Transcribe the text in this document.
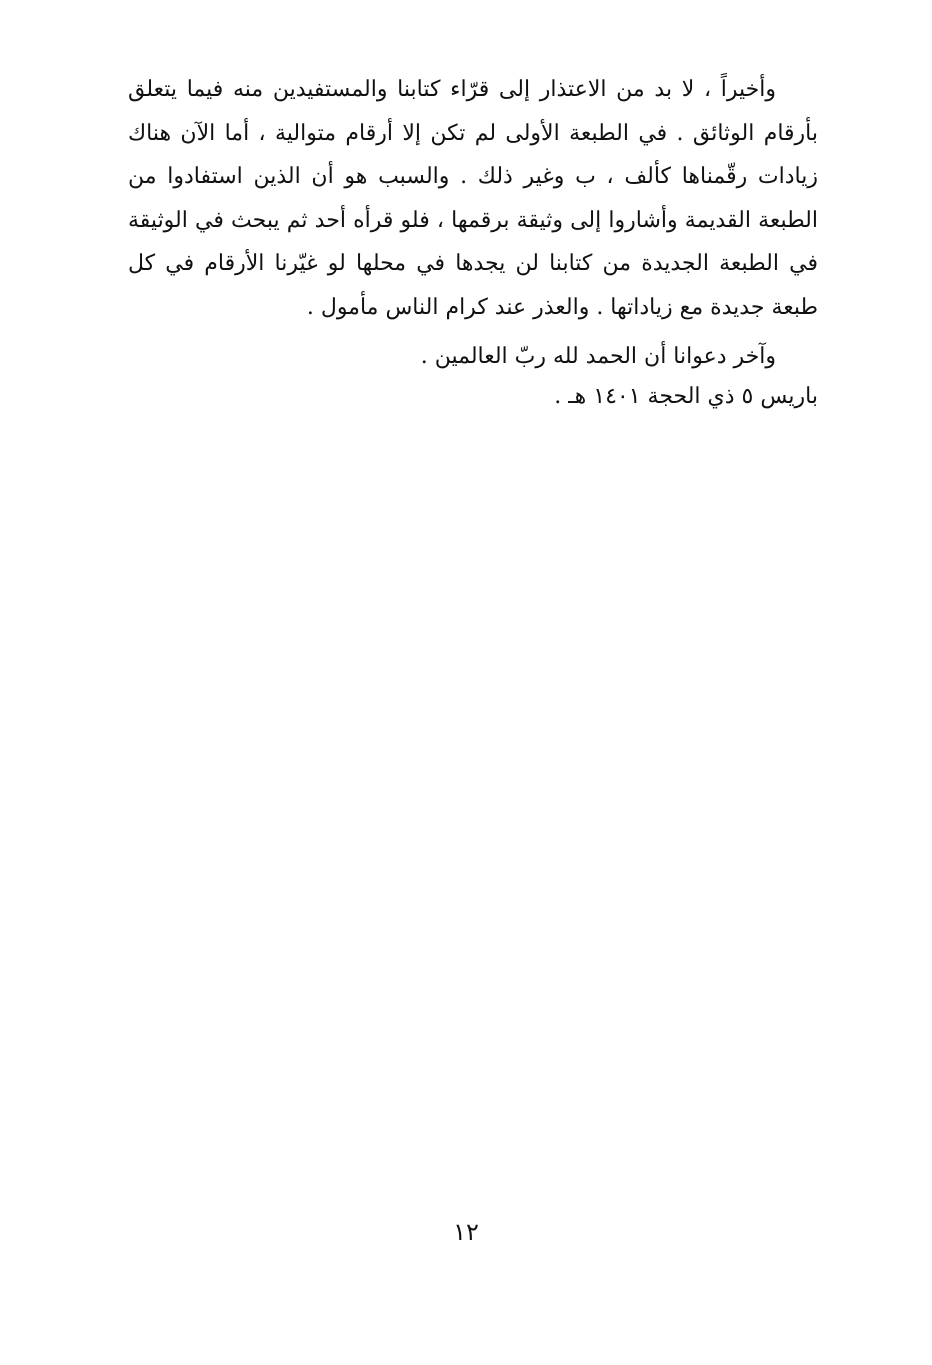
وأخيراً ، لا بد من الاعتذار إلى قرّاء كتابنا والمستفيدين منه فيما يتعلق بأرقام الوثائق . في الطبعة الأولى لم تكن إلا أرقام متوالية ، أما الآن هناك زيادات رقّمناها كألف ، ب وغير ذلك . والسبب هو أن الذين استفادوا من الطبعة القديمة وأشاروا إلى وثيقة برقمها ، فلو قرأه أحد ثم يبحث في الوثيقة في الطبعة الجديدة من كتابنا لن يجدها في محلها لو غيّرنا الأرقام في كل طبعة جديدة مع زياداتها . والعذر عند كرام الناس مأمول .

وآخر دعوانا أن الحمد لله ربّ العالمين .

باريس ٥ ذي الحجة ١٤٠١ هـ .

١٢
